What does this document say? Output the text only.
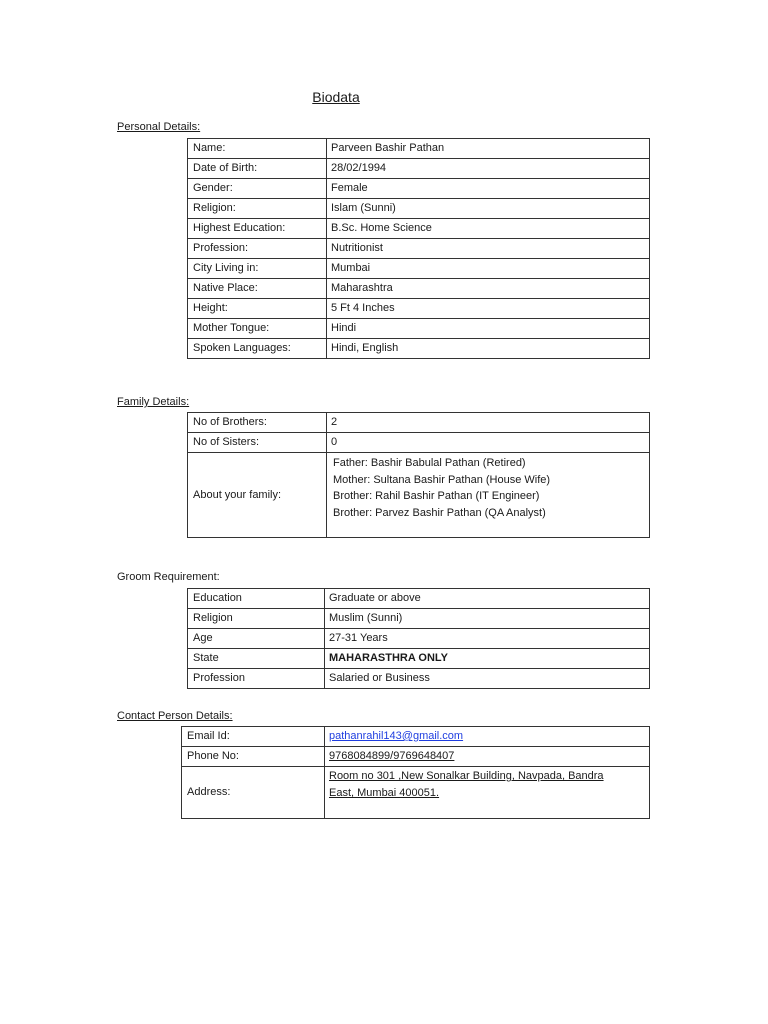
Biodata
Personal Details:
Name:	Parveen Bashir Pathan
Date of Birth:	28/02/1994
Gender:	Female
Religion:	Islam (Sunni)
Highest Education:	B.Sc. Home Science
Profession:	Nutritionist
City Living in:	Mumbai
Native Place:	Maharashtra
Height:	5 Ft 4 Inches
Mother Tongue:	Hindi
Spoken Languages:	Hindi, English
Family Details:
No of Brothers:	2
No of Sisters:	0
About your family:	Father: Bashir Babulal Pathan (Retired)
Mother: Sultana Bashir Pathan (House Wife)
Brother: Rahil Bashir Pathan (IT Engineer)
Brother: Parvez Bashir Pathan (QA Analyst)
Groom Requirement:
Education	Graduate or above
Religion	Muslim (Sunni)
Age	27-31 Years
State	MAHARASTHRA ONLY
Profession	Salaried or Business
Contact Person Details:
Email Id:	pathanrahil143@gmail.com
Phone No:	9768084899/9769648407
Address:	Room no 301 ,New Sonalkar Building, Navpada, Bandra
East, Mumbai 400051.
